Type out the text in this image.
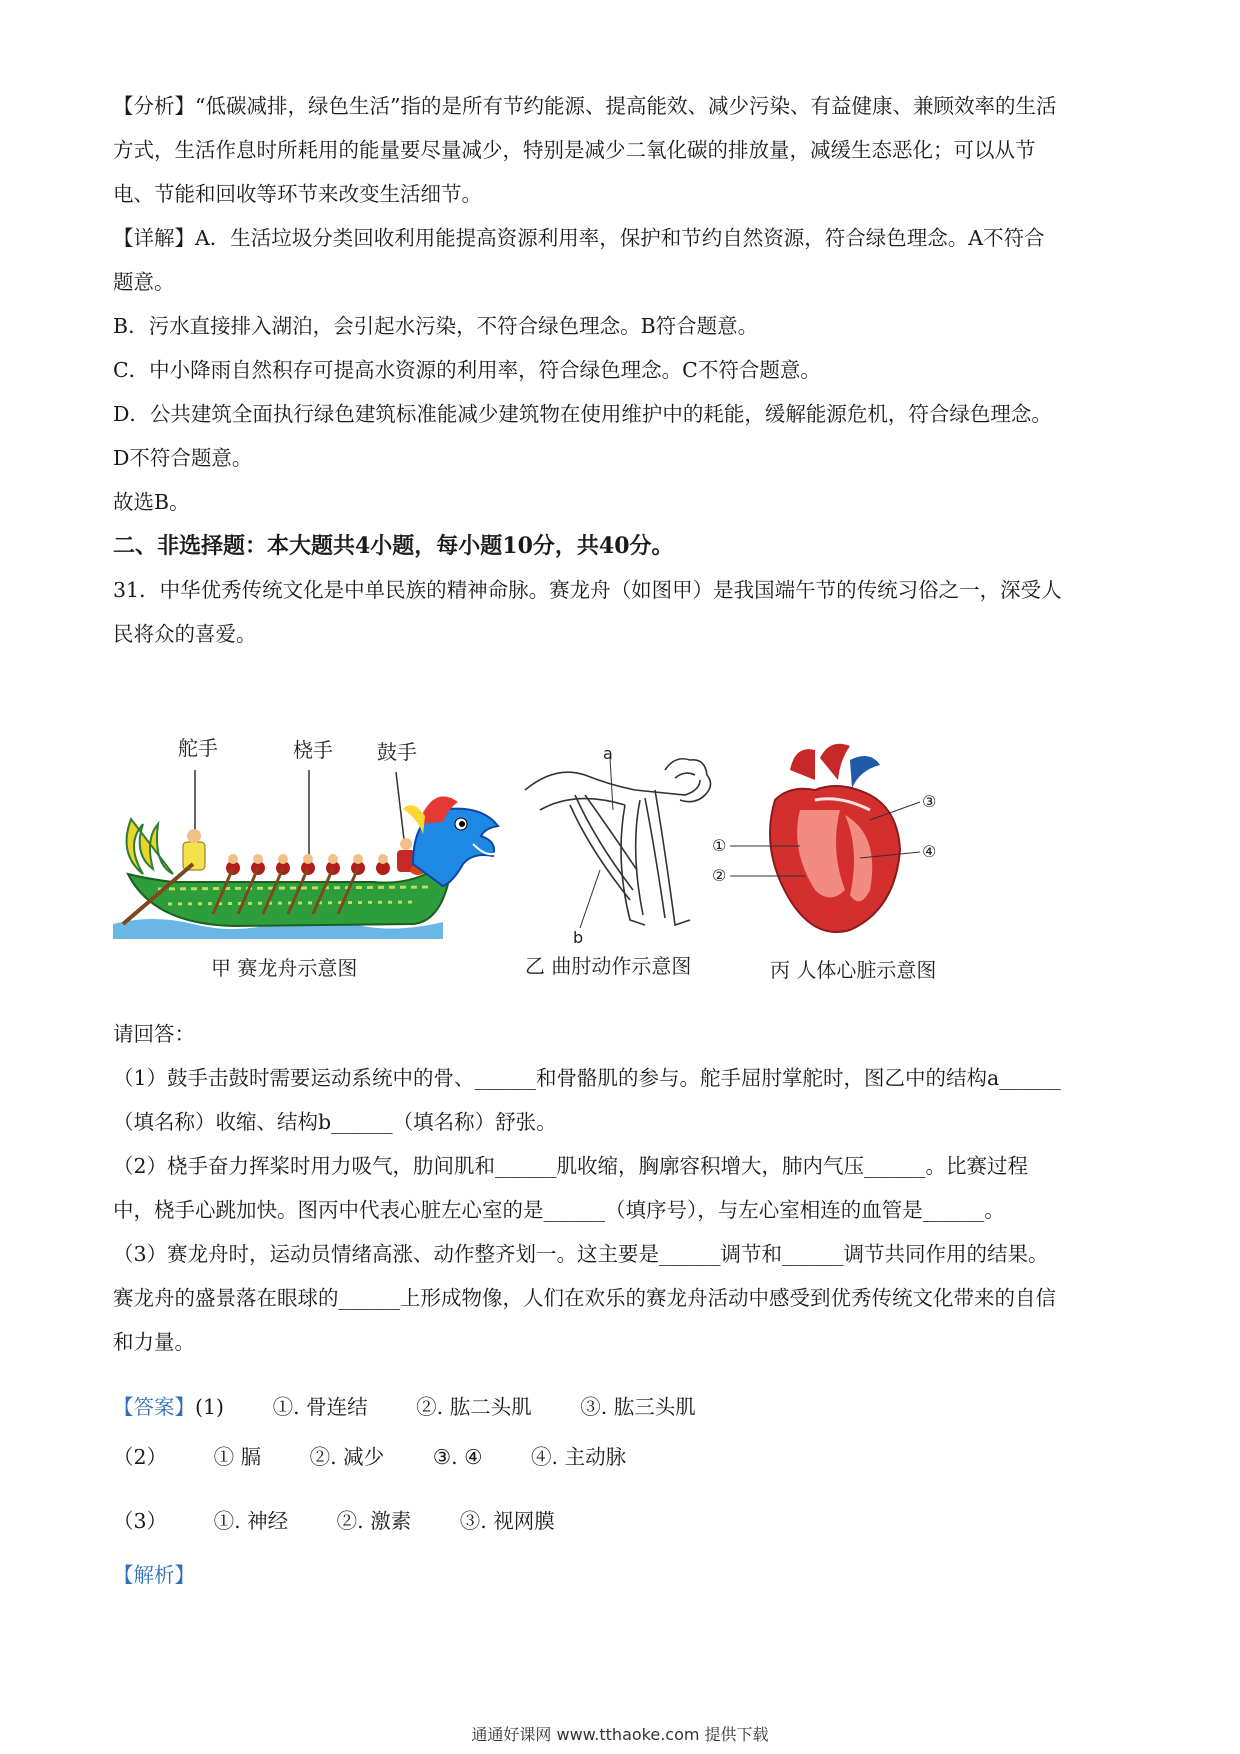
【分析】“低碳减排，绿色生活”指的是所有节约能源、提高能效、减少污染、有益健康、兼顾效率的生活

方式，生活作息时所耗用的能量要尽量减少，特别是减少二氧化碳的排放量，减缓生态恶化；可以从节

电、节能和回收等环节来改变生活细节。

【详解】A．生活垃圾分类回收利用能提高资源利用率，保护和节约自然资源，符合绿色理念。A不符合

题意。

B．污水直接排入湖泊，会引起水污染，不符合绿色理念。B符合题意。

C．中小降雨自然积存可提高水资源的利用率，符合绿色理念。C不符合题意。

D．公共建筑全面执行绿色建筑标准能减少建筑物在使用维护中的耗能，缓解能源危机，符合绿色理念。

D不符合题意。

故选B。

二、非选择题：本大题共4小题，每小题10分，共40分。

31．中华优秀传统文化是中单民族的精神命脉。赛龙舟（如图甲）是我国端午节的传统习俗之一，深受人

民将众的喜爱。

舵手	桡手 鼓手
甲 赛龙舟示意图
a
b
乙 曲肘动作示意图
③
④
①
②
丙 人体心脏示意图

请回答：

（1）鼓手击鼓时需要运动系统中的骨、______和骨骼肌的参与。舵手屈肘掌舵时，图乙中的结构a______

（填名称）收缩、结构b______（填名称）舒张。

（2）桡手奋力挥桨时用力吸气，肋间肌和______肌收缩，胸廓容积增大，肺内气压______。比赛过程

中，桡手心跳加快。图丙中代表心脏左心室的是______（填序号），与左心室相连的血管是______。

（3）赛龙舟时，运动员情绪高涨、动作整齐划一。这主要是______调节和______调节共同作用的结果。

赛龙舟的盛景落在眼球的______上形成物像，人们在欢乐的赛龙舟活动中感受到优秀传统文化带来的自信

和力量。

【答案】(1) ①. 骨连结 ②. 肱二头肌 ③. 肱三头肌
（2） ① 膈 ②. 减少 ③. ④ ④. 主动脉
（3） ①. 神经 ②. 激素 ③. 视网膜
【解析】
通通好课网 www.tthaoke.com 提供下载
